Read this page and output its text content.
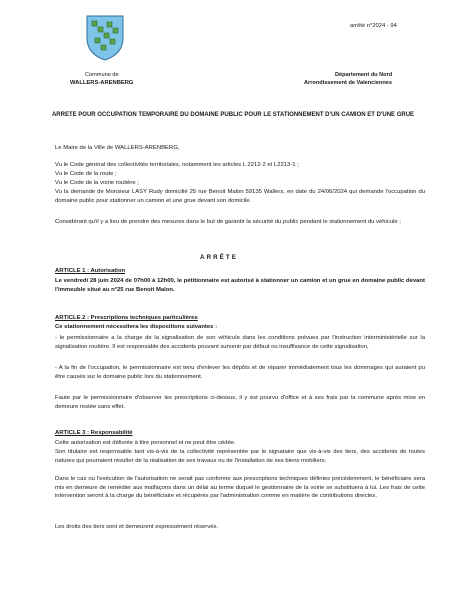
arrêté n°2024 - 94
Commune de
WALLERS-ARENBERG
Département du Nord
Arrondissement de Valenciennes
ARRETE POUR OCCUPATION TEMPORAIRE DU DOMAINE PUBLIC POUR LE STATIONNEMENT D'UN CAMION ET D'UNE GRUE
Le Maire de la Ville de WALLERS-ARENBERG,
Vu le Code général des collectivités territoriales, notamment les articles L 2212-2 et L2213-1 ;
Vu le Code de la route ;
Vu le Code de la voirie routière ;
Vu la demande de Monsieur LASY Rudy domicilié 25 rue Benoit Malon 59135 Wallers, en date du 24/06/2024 qui demande l'occupation du domaine public pour stationner un camion et une grue devant son domicile.
Considérant qu'il y a lieu de prendre des mesures dans le but de garantir la sécurité du public pendant le stationnement du véhicule ;
ARRÊTE
ARTICLE 1 : Autorisation
Le vendredi 28 juin 2024 de 07h00 à 12h00, le pétitionnaire est autorisé à stationner un camion et un grue en domaine public devant l'immeuble situé au n°25 rue Benoit Malon.
ARTICLE 2 : Prescriptions techniques particulières
Ce stationnement nécessitera les dispositions suivantes :
- le permissionnaire a la charge de la signalisation de son véhicule dans les conditions prévues par l'instruction interministérielle sur la signalisation routière. Il est responsable des accidents pouvant survenir par défaut ou insuffisance de cette signalisation,
- A la fin de l'occupation, le permissionnaire est tenu d'enlever les dépôts et de réparer immédiatement tous les dommages qui auraient pu être causés sur le domaine public lors du stationnement.
Faute par le permissionnaire d'observer les prescriptions ci-dessus, il y est pourvu d'office et à ses frais par la commune après mise en demeure restée sans effet.
ARTICLE 3 : Responsabilité
Cette autorisation est délivrée à titre personnel et ne peut être cédée.
Son titulaire est responsable tant vis-à-vis de la collectivité représentée par le signataire que vis-à-vis des tiers, des accidents de toutes natures qui pourraient résulter de la réalisation de ses travaux ou de l'installation de ses biens mobiliers.
Dans le cas ou l'exécution de l'autorisation ne serait pas conforme aux prescriptions techniques définies précédemment, le bénéficiaire sera mis en demeure de remédier aux malfaçons dans un délai au terme duquel le gestionnaire de la voirie se substituera à lui. Les frais de cette intervention seront à la charge du bénéficiaire et récupérés par l'administration comme en matière de contributions directes.
Les droits des tiers sont et demeurent expressément réservés.
